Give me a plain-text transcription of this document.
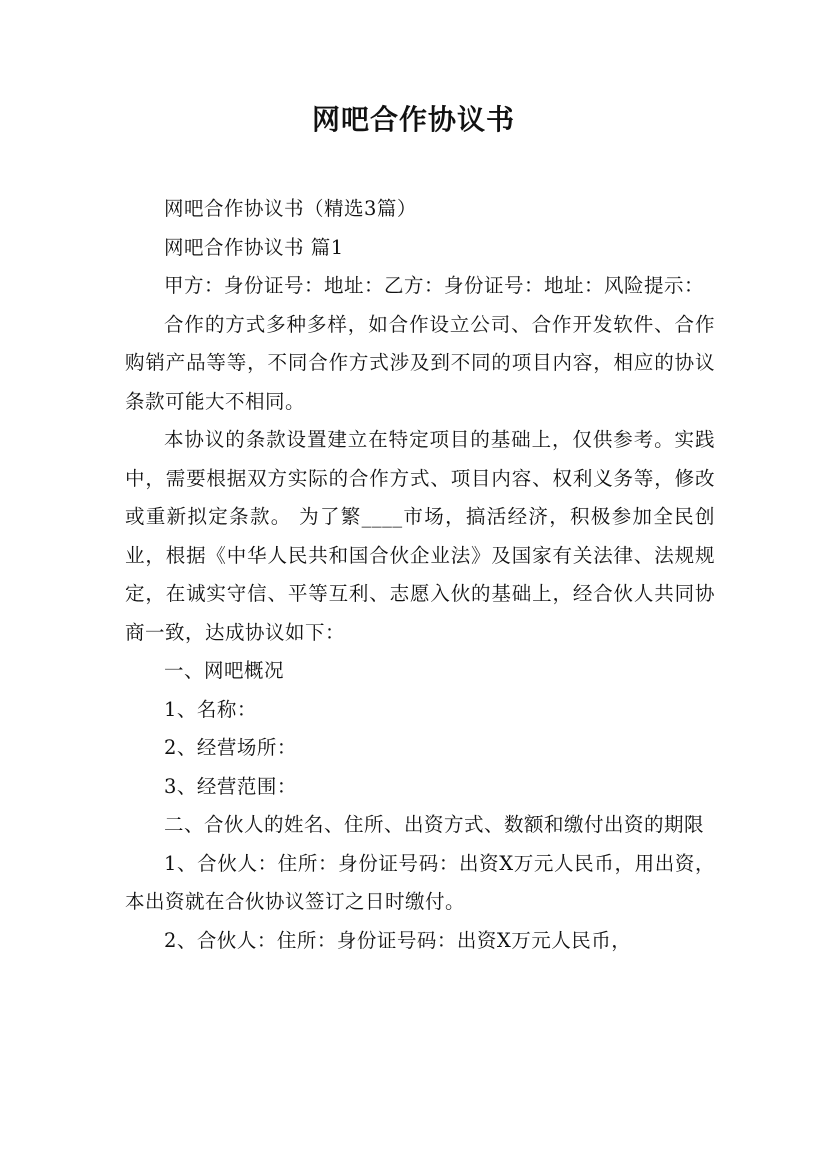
网吧合作协议书

网吧合作协议书（精选3篇）

网吧合作协议书 篇1

甲方：身份证号：地址：乙方：身份证号：地址：风险提示：

合作的方式多种多样，如合作设立公司、合作开发软件、合作购销产品等等，不同合作方式涉及到不同的项目内容，相应的协议条款可能大不相同。

本协议的条款设置建立在特定项目的基础上，仅供参考。实践中，需要根据双方实际的合作方式、项目内容、权利义务等，修改或重新拟定条款。 为了繁____市场，搞活经济，积极参加全民创业，根据《中华人民共和国合伙企业法》及国家有关法律、法规规定，在诚实守信、平等互利、志愿入伙的基础上，经合伙人共同协商一致，达成协议如下：

一、网吧概况

1、名称：

2、经营场所：

3、经营范围：

二、合伙人的姓名、住所、出资方式、数额和缴付出资的期限

1、合伙人：住所：身份证号码：出资X万元人民币，用出资，本出资就在合伙协议签订之日时缴付。

2、合伙人：住所：身份证号码：出资X万元人民币，
